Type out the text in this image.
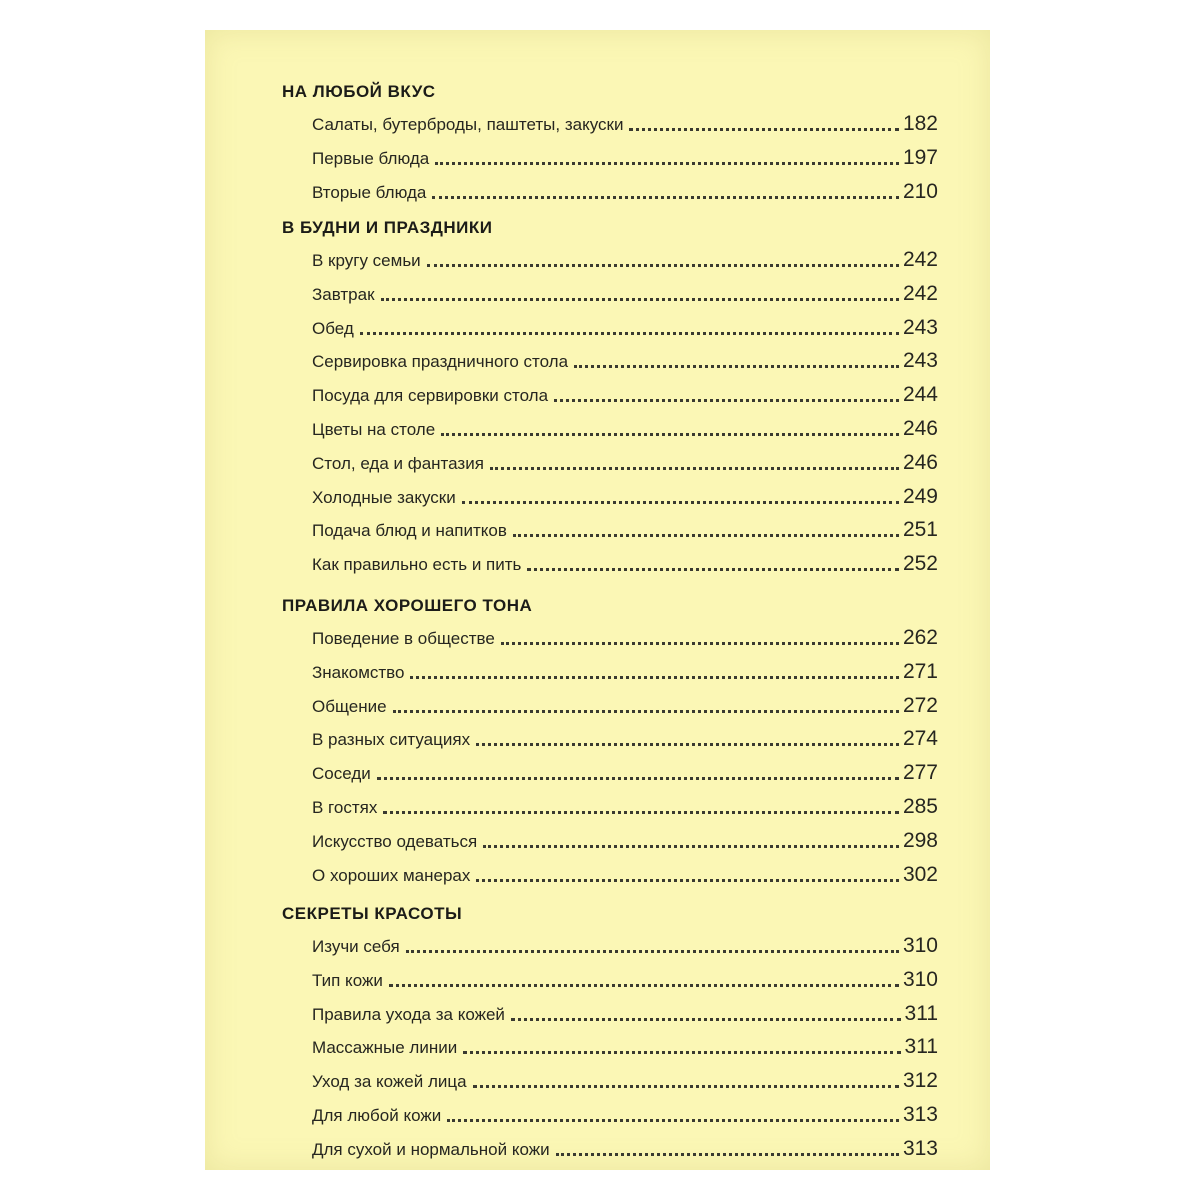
НА ЛЮБОЙ ВКУС
Салаты, бутерброды, паштеты, закуски	182
Первые блюда	197
Вторые блюда	210
В БУДНИ И ПРАЗДНИКИ
В кругу семьи	242
Завтрак	242
Обед	243
Сервировка праздничного стола	243
Посуда для сервировки стола	244
Цветы на столе	246
Стол, еда и фантазия	246
Холодные закуски	249
Подача блюд и напитков	251
Как правильно есть и пить	252
ПРАВИЛА ХОРОШЕГО ТОНА
Поведение в обществе	262
Знакомство	271
Общение	272
В разных ситуациях	274
Соседи	277
В гостях	285
Искусство одеваться	298
О хороших манерах	302
СЕКРЕТЫ КРАСОТЫ
Изучи себя	310
Тип кожи	310
Правила ухода за кожей	311
Массажные линии	311
Уход за кожей лица	312
Для любой кожи	313
Для сухой и нормальной кожи	313
